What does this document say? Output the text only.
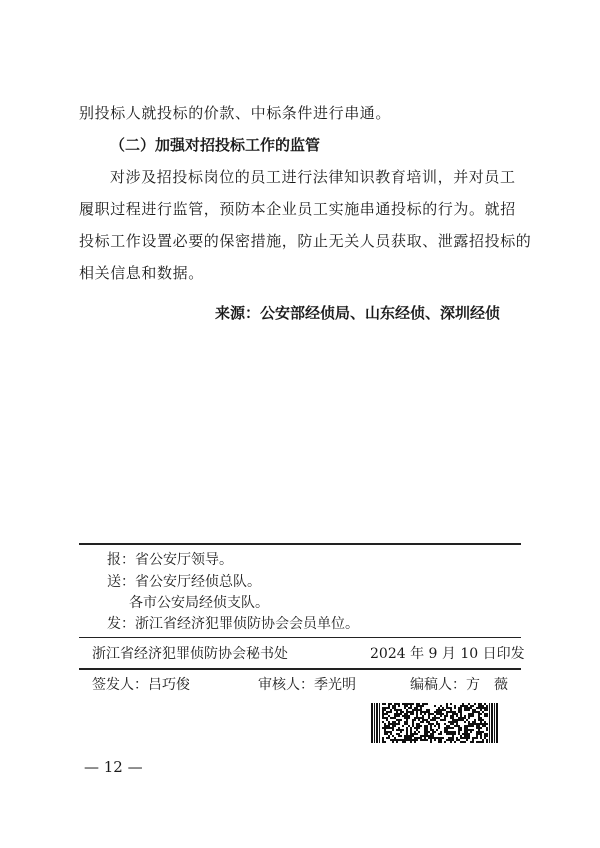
别投标人就投标的价款、中标条件进行串通。
（二）加强对招投标工作的监管
对涉及招投标岗位的员工进行法律知识教育培训，并对员工
履职过程进行监管，预防本企业员工实施串通投标的行为。就招
投标工作设置必要的保密措施，防止无关人员获取、泄露招投标的
相关信息和数据。
来源：公安部经侦局、山东经侦、深圳经侦
报：省公安厅领导。
送：省公安厅经侦总队。
各市公安局经侦支队。
发：浙江省经济犯罪侦防协会会员单位。
浙江省经济犯罪侦防协会秘书处	2024 年 9 月 10 日印发
签发人：吕巧俊	审核人：季光明	编稿人：方　薇
— 12 —
